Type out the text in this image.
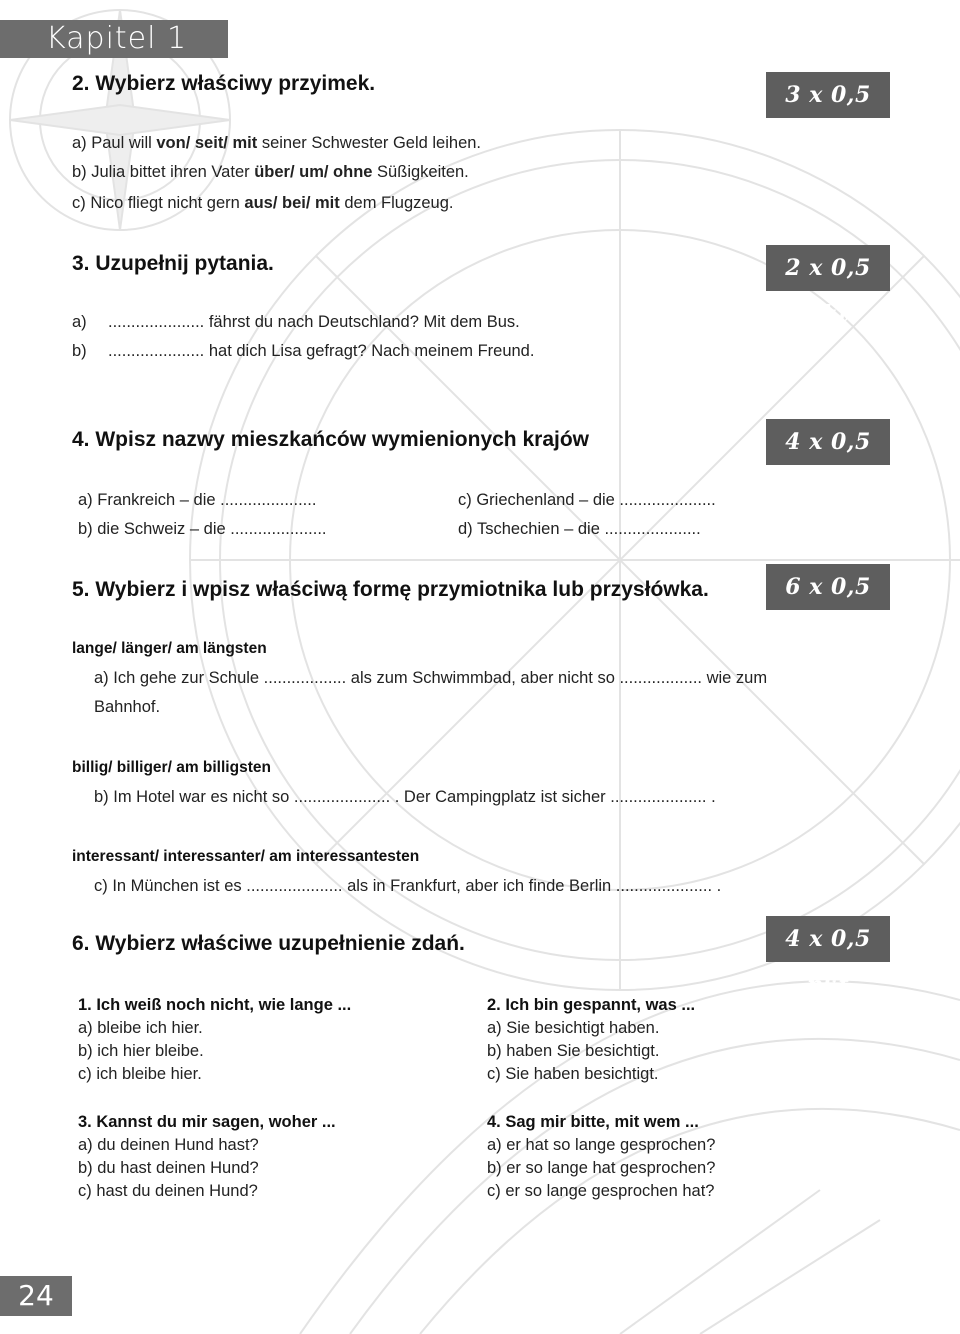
Kapitel 1
2. Wybierz właściwy przyimek.	3 x 0,5 pkt
a) Paul will von/ seit/ mit seiner Schwester Geld leihen.
b) Julia bittet ihren Vater über/ um/ ohne Süßigkeiten.
c) Nico fliegt nicht gern aus/ bei/ mit dem Flugzeug.
3. Uzupełnij pytania.	2 x 0,5 pkt
a) ..................... fährst du nach Deutschland? Mit dem Bus.
b) ..................... hat dich Lisa gefragt? Nach meinem Freund.
4. Wpisz nazwy mieszkańców wymienionych krajów	4 x 0,5 pkt
a) Frankreich – die .....................
b) die Schweiz – die .....................
c) Griechenland – die .....................
d) Tschechien – die .....................
5. Wybierz i wpisz właściwą formę przymiotnika lub przysłówka.	6 x 0,5 pkt
lange/ länger/ am längsten
a) Ich gehe zur Schule .................. als zum Schwimmbad, aber nicht so .................. wie zum
Bahnhof.
billig/ billiger/ am billigsten
b) Im Hotel war es nicht so ..................... . Der Campingplatz ist sicher ..................... .
interessant/ interessanter/ am interessantesten
c) In München ist es ..................... als in Frankfurt, aber ich finde Berlin ..................... .
6. Wybierz właściwe uzupełnienie zdań.	4 x 0,5 pkt
1. Ich weiß noch nicht, wie lange ...
a) bleibe ich hier.
b) ich hier bleibe.
c) ich bleibe hier.
2. Ich bin gespannt, was ...
a) Sie besichtigt haben.
b) haben Sie besichtigt.
c) Sie haben besichtigt.
3. Kannst du mir sagen, woher ...
a) du deinen Hund hast?
b) du hast deinen Hund?
c) hast du deinen Hund?
4. Sag mir bitte, mit wem ...
a) er hat so lange gesprochen?
b) er so lange hat gesprochen?
c) er so lange gesprochen hat?
24
